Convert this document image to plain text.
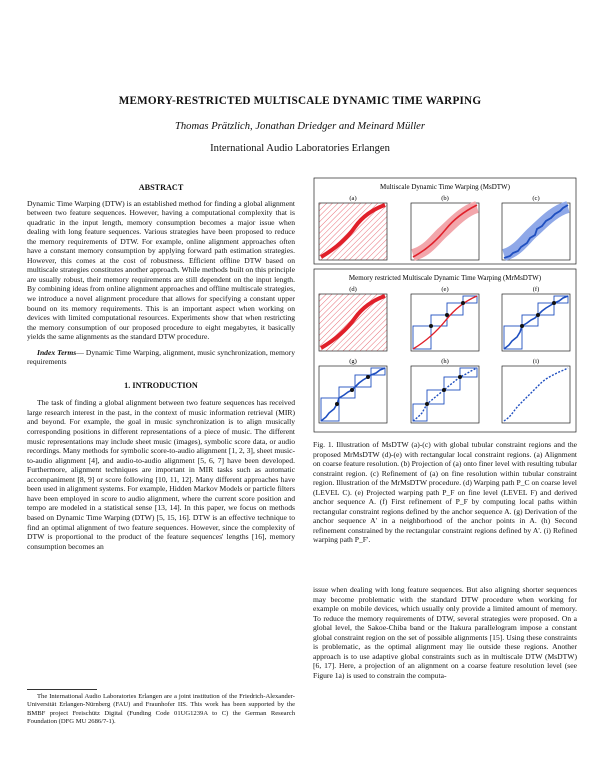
MEMORY-RESTRICTED MULTISCALE DYNAMIC TIME WARPING
Thomas Prätzlich, Jonathan Driedger and Meinard Müller
International Audio Laboratories Erlangen
ABSTRACT

Dynamic Time Warping (DTW) is an established method for finding a global alignment between two feature sequences. However, having a computational complexity that is quadratic in the input length, memory consumption becomes a major issue when dealing with long feature sequences. Various strategies have been proposed to reduce the memory requirements of DTW. For example, online alignment approaches often have a constant memory consumption by applying forward path estimation strategies. However, this comes at the cost of robustness. Efficient offline DTW based on multiscale strategies constitutes another approach. While methods built on this principle are usually robust, their memory requirements are still dependent on the input length. By combining ideas from online alignment approaches and offline multiscale strategies, we introduce a novel alignment procedure that allows for specifying a constant upper bound on its memory requirements. This is an important aspect when working on devices with limited computational resources. Experiments show that when restricting the memory consumption of our proposed procedure to eight megabytes, it basically yields the same alignments as the standard DTW procedure.

Index Terms— Dynamic Time Warping, alignment, music synchronization, memory requirements

1. INTRODUCTION

The task of finding a global alignment between two feature sequences has received large research interest in the past, in the context of music information retrieval (MIR) and beyond. For example, the goal in music synchronization is to align musically corresponding positions in different representations of a piece of music. The different music representations may include sheet music (images), symbolic score data, or audio recordings. Many methods for symbolic score-to-audio alignment [1, 2, 3], sheet music-to-audio alignment [4], and audio-to-audio alignment [5, 6, 7] have been developed. Furthermore, alignment techniques are important in MIR tasks such as automatic accompaniment [8, 9] or score following [10, 11, 12]. Many different approaches have been used in alignment systems. For example, Hidden Markov Models or particle filters have been employed in score to audio alignment, where the current score position and tempo are modeled in a statistical sense [13, 14]. In this paper, we focus on methods based on Dynamic Time Warping (DTW) [5, 15, 16]. DTW is an effective technique to find an optimal alignment of two feature sequences. However, since the complexity of DTW is proportional to the product of the feature sequences' lengths [16], memory consumption becomes an

The International Audio Laboratories Erlangen are a joint institution of the Friedrich-Alexander-Universität Erlangen-Nürnberg (FAU) and Fraunhofer IIS. This work has been supported by the BMBF project Freischütz Digital (Funding Code 01UG1239A to C) the German Research Foundation (DFG MU 2686/7-1).

Multiscale Dynamic Time Warping (MsDTW)
(a)	(b)	(c)
Memory restricted Multiscale Dynamic Time Warping (MrMsDTW)
(d)	(e)	(f)
(g)	(h)	(i)

Fig. 1. Illustration of MsDTW (a)-(c) with global tubular constraint regions and the proposed MrMsDTW (d)-(e) with rectangular local constraint regions. (a) Alignment on coarse feature resolution. (b) Projection of (a) onto finer level with resulting tubular constraint region. (c) Refinement of (a) on fine resolution within tubular constraint region. Illustration of the MrMsDTW procedure. (d) Warping path P_C on coarse level (LEVEL C). (e) Projected warping path P_F on fine level (LEVEL F) and derived anchor sequence A. (f) First refinement of P_F by computing local paths within rectangular constraint regions defined by the anchor sequence A. (g) Derivation of the anchor sequence A' in a neighborhood of the anchor points in A. (h) Second refinement constrained by the rectangular constraint regions defined by A'. (i) Refined warping path P_F'.

issue when dealing with long feature sequences. But also aligning shorter sequences may become problematic with the standard DTW procedure when working for example on mobile devices, which usually only provide a limited amount of memory. To reduce the memory requirements of DTW, several strategies were proposed. On a global level, the Sakoe-Chiba band or the Itakura parallelogram impose a constant global constraint region on the set of possible alignments [15]. Using these constraints is problematic, as the optimal alignment may lie outside these regions. Another approach is to use adaptive global constraints such as in multiscale DTW (MsDTW) [6, 17]. Here, a projection of an alignment on a coarse feature resolution level (see Figure 1a) is used to constrain the computa-
